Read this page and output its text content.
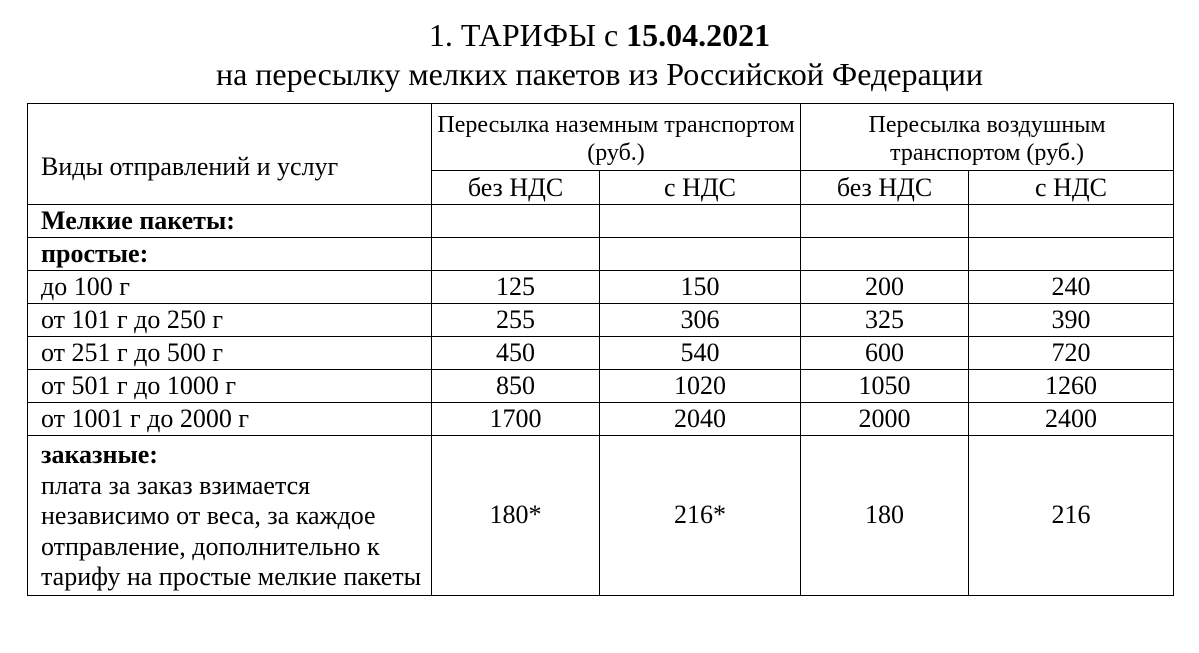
1. ТАРИФЫ с 15.04.2021
на пересылку мелких пакетов из Российской Федерации
Виды отправлений и услуг	Пересылка наземным транспортом (руб.)		Пересылка воздушным транспортом (руб.)	
	без НДС	с НДС	без НДС	с НДС
Мелкие пакеты:				
простые:				
до 100 г	125	150	200	240
от 101 г до 250 г	255	306	325	390
от 251 г до 500 г	450	540	600	720
от 501 г до 1000 г	850	1020	1050	1260
от 1001 г до 2000 г	1700	2040	2000	2400

заказные:
плата за заказ взимается независимо от веса, за каждое отправление, дополнительно к тарифу на простые мелкие пакеты	180*	216*	180	216
